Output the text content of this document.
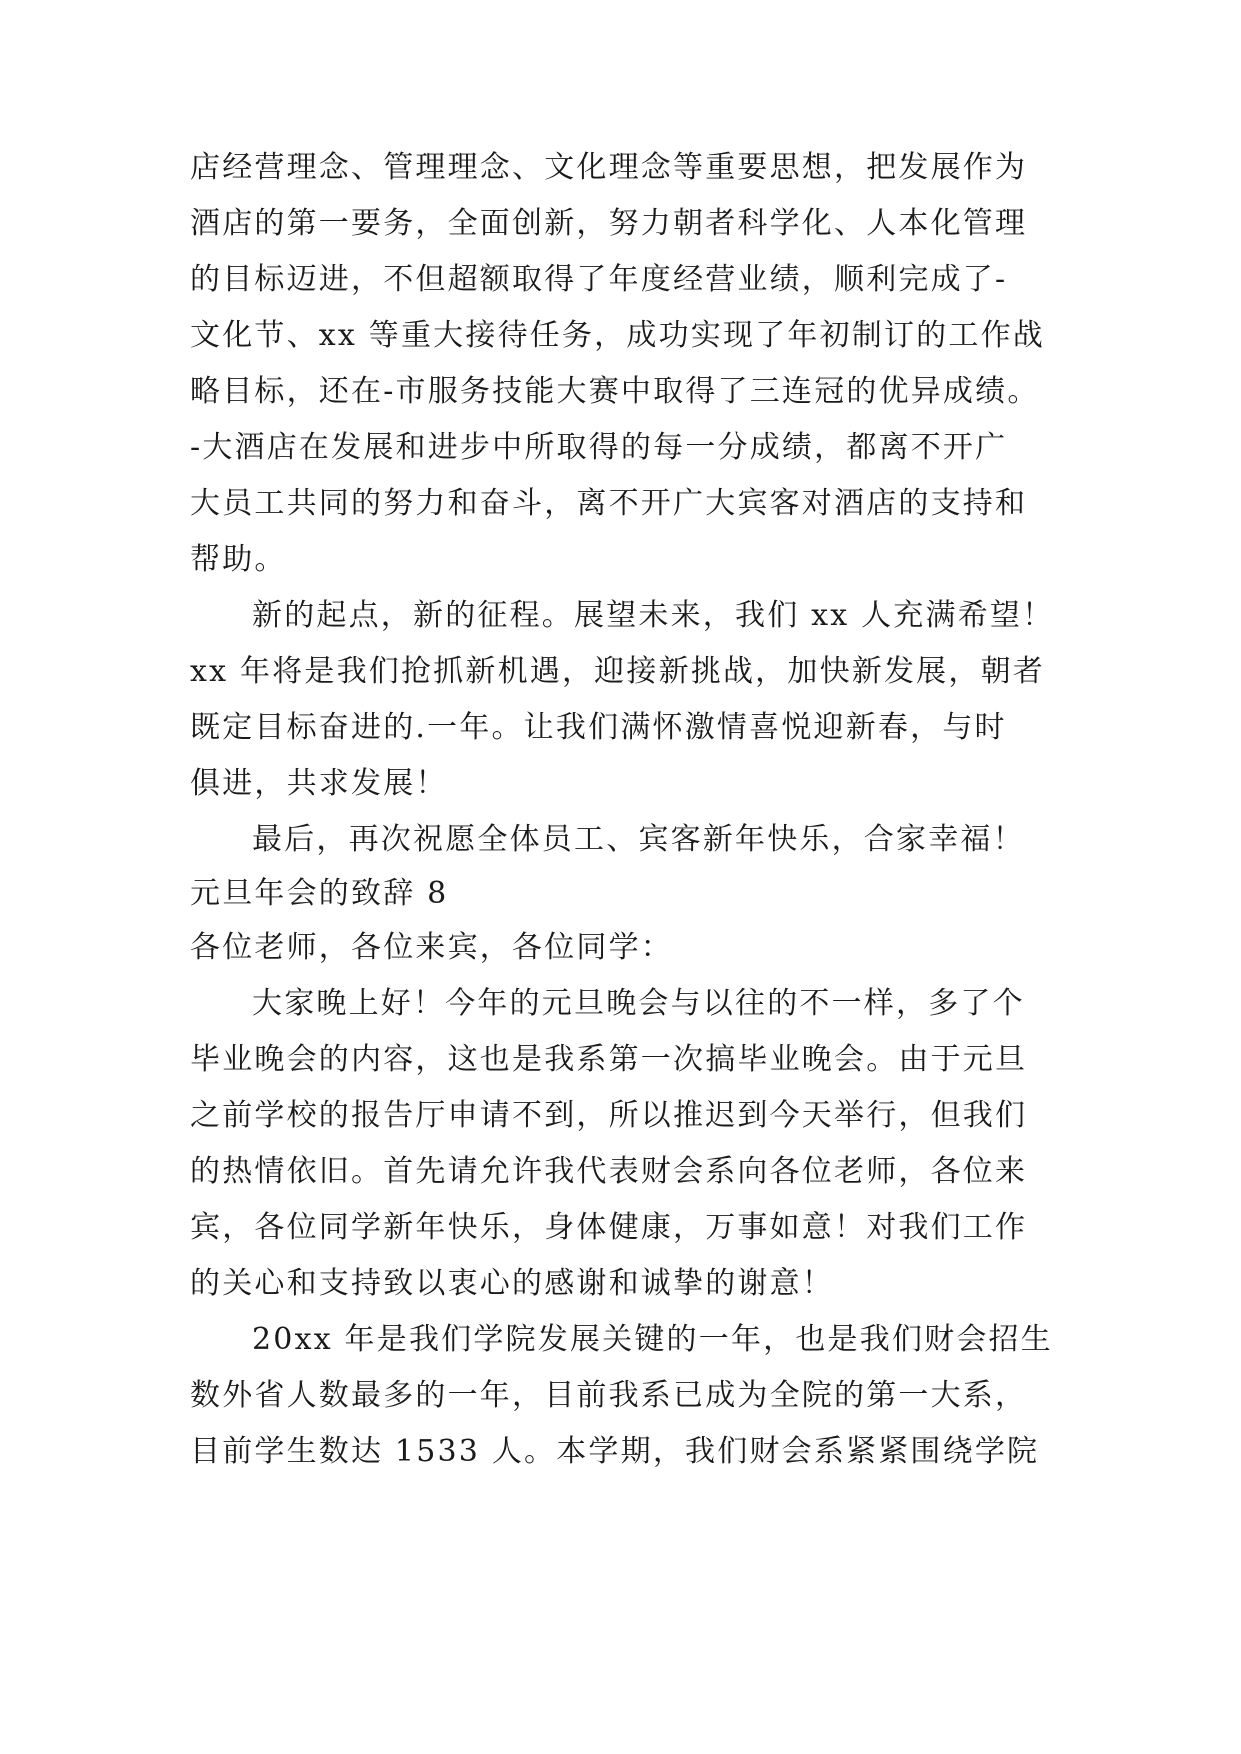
店经营理念、管理理念、文化理念等重要思想，把发展作为
酒店的第一要务，全面创新，努力朝者科学化、人本化管理
的目标迈进，不但超额取得了年度经营业绩，顺利完成了-
文化节、xx 等重大接待任务，成功实现了年初制订的工作战
略目标，还在-市服务技能大赛中取得了三连冠的优异成绩。
-大酒店在发展和进步中所取得的每一分成绩，都离不开广
大员工共同的努力和奋斗，离不开广大宾客对酒店的支持和
帮助。
新的起点，新的征程。展望未来，我们 xx 人充满希望！
xx 年将是我们抢抓新机遇，迎接新挑战，加快新发展，朝者
既定目标奋进的.一年。让我们满怀激情喜悦迎新春，与时
俱进，共求发展！
最后，再次祝愿全体员工、宾客新年快乐，合家幸福！
元旦年会的致辞 8
各位老师，各位来宾，各位同学：
大家晚上好！今年的元旦晚会与以往的不一样，多了个
毕业晚会的内容，这也是我系第一次搞毕业晚会。由于元旦
之前学校的报告厅申请不到，所以推迟到今天举行，但我们
的热情依旧。首先请允许我代表财会系向各位老师，各位来
宾，各位同学新年快乐，身体健康，万事如意！对我们工作
的关心和支持致以衷心的感谢和诚挚的谢意！
20xx 年是我们学院发展关键的一年，也是我们财会招生
数外省人数最多的一年，目前我系已成为全院的第一大系，
目前学生数达 1533 人。本学期，我们财会系紧紧围绕学院
